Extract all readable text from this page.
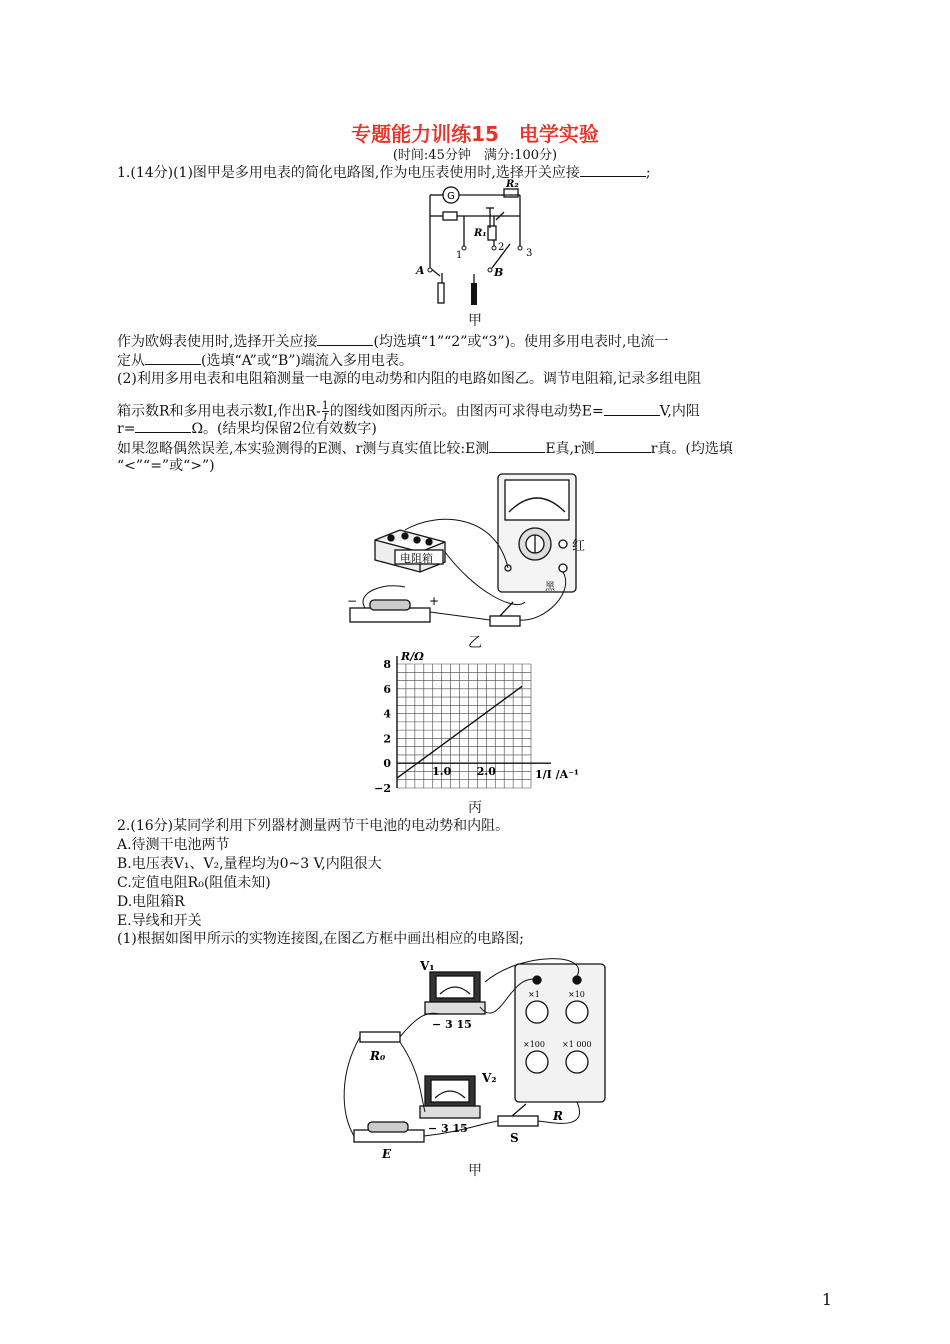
专题能力训练15　电学实验
(时间:45分钟　满分:100分)
1.(14分)(1)图甲是多用电表的简化电路图,作为电压表使用时,选择开关应接	;
G
R₂
R₁
1
2
3
A	B
甲
作为欧姆表使用时,选择开关应接	(均选填“1”“2”或“3”)。使用多用电表时,电流一
定从	(选填“A”或“B”)端流入多用电表。
(2)利用多用电表和电阻箱测量一电源的电动势和内阻的电路如图乙。调节电阻箱,记录多组电阻
箱示数R和多用电表示数I,作出$R- \frac{1}{I}$ 的图线如图丙所示。由图丙可求得电动势E=	V,内阻
r=	Ω。(结果均保留2位有效数字)
如果忽略偶然误差,本实验测得的E测、r测与真实值比较:E测	E真,r测	r真。(均选填
“<”“=”或“>”)
电阻箱
红
黑
−	+
乙
8
6
4
2
0
−2
1.0 2.0
R/Ω
1/I /A⁻¹
丙
2.(16分)某同学利用下列器材测量两节干电池的电动势和内阻。
A.待测干电池两节
B.电压表V₁、V₂,量程均为0~3 V,内阻很大
C.定值电阻R₀(阻值未知)
D.电阻箱R
E.导线和开关
(1)根据如图甲所示的实物连接图,在图乙方框中画出相应的电路图;
V₁
V₂
− 3 15
− 3 15
R₀
R
E
S
×1	×10
×100 ×1 000
甲
1
